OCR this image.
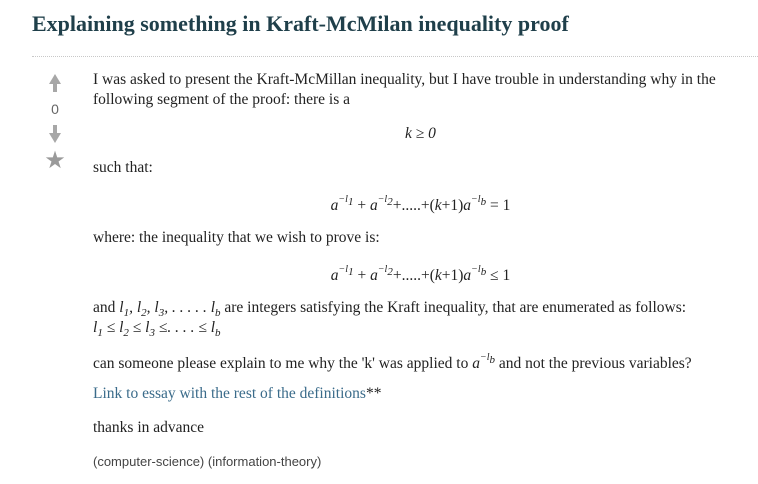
Explaining something in Kraft-McMilan inequality proof
0
★

I was asked to present the Kraft-McMillan inequality, but I have trouble in understanding why in the following segment of the proof: there is a

k ≥ 0

such that:

$a^{-l_1} + a^{-l_2}+.....+(k+1)a^{-l_b} = 1$

where: the inequality that we wish to prove is:

$a^{-l_1} + a^{-l_2}+.....+(k+1)a^{-l_b} \le 1$

and $l_1$, $l_2$, $l_3$, . . . . . $l_b$ are integers satisfying the Kraft inequality, that are enumerated as follows:

$l_1 \le l_2 \le l_3$ ≤. . . . ≤ $l_b$

can someone please explain to me why the 'k' was applied to $a^{-l_b}$ and not the previous variables?

Link to essay with the rest of the definitions**

thanks in advance

(computer-science) (information-theory)
